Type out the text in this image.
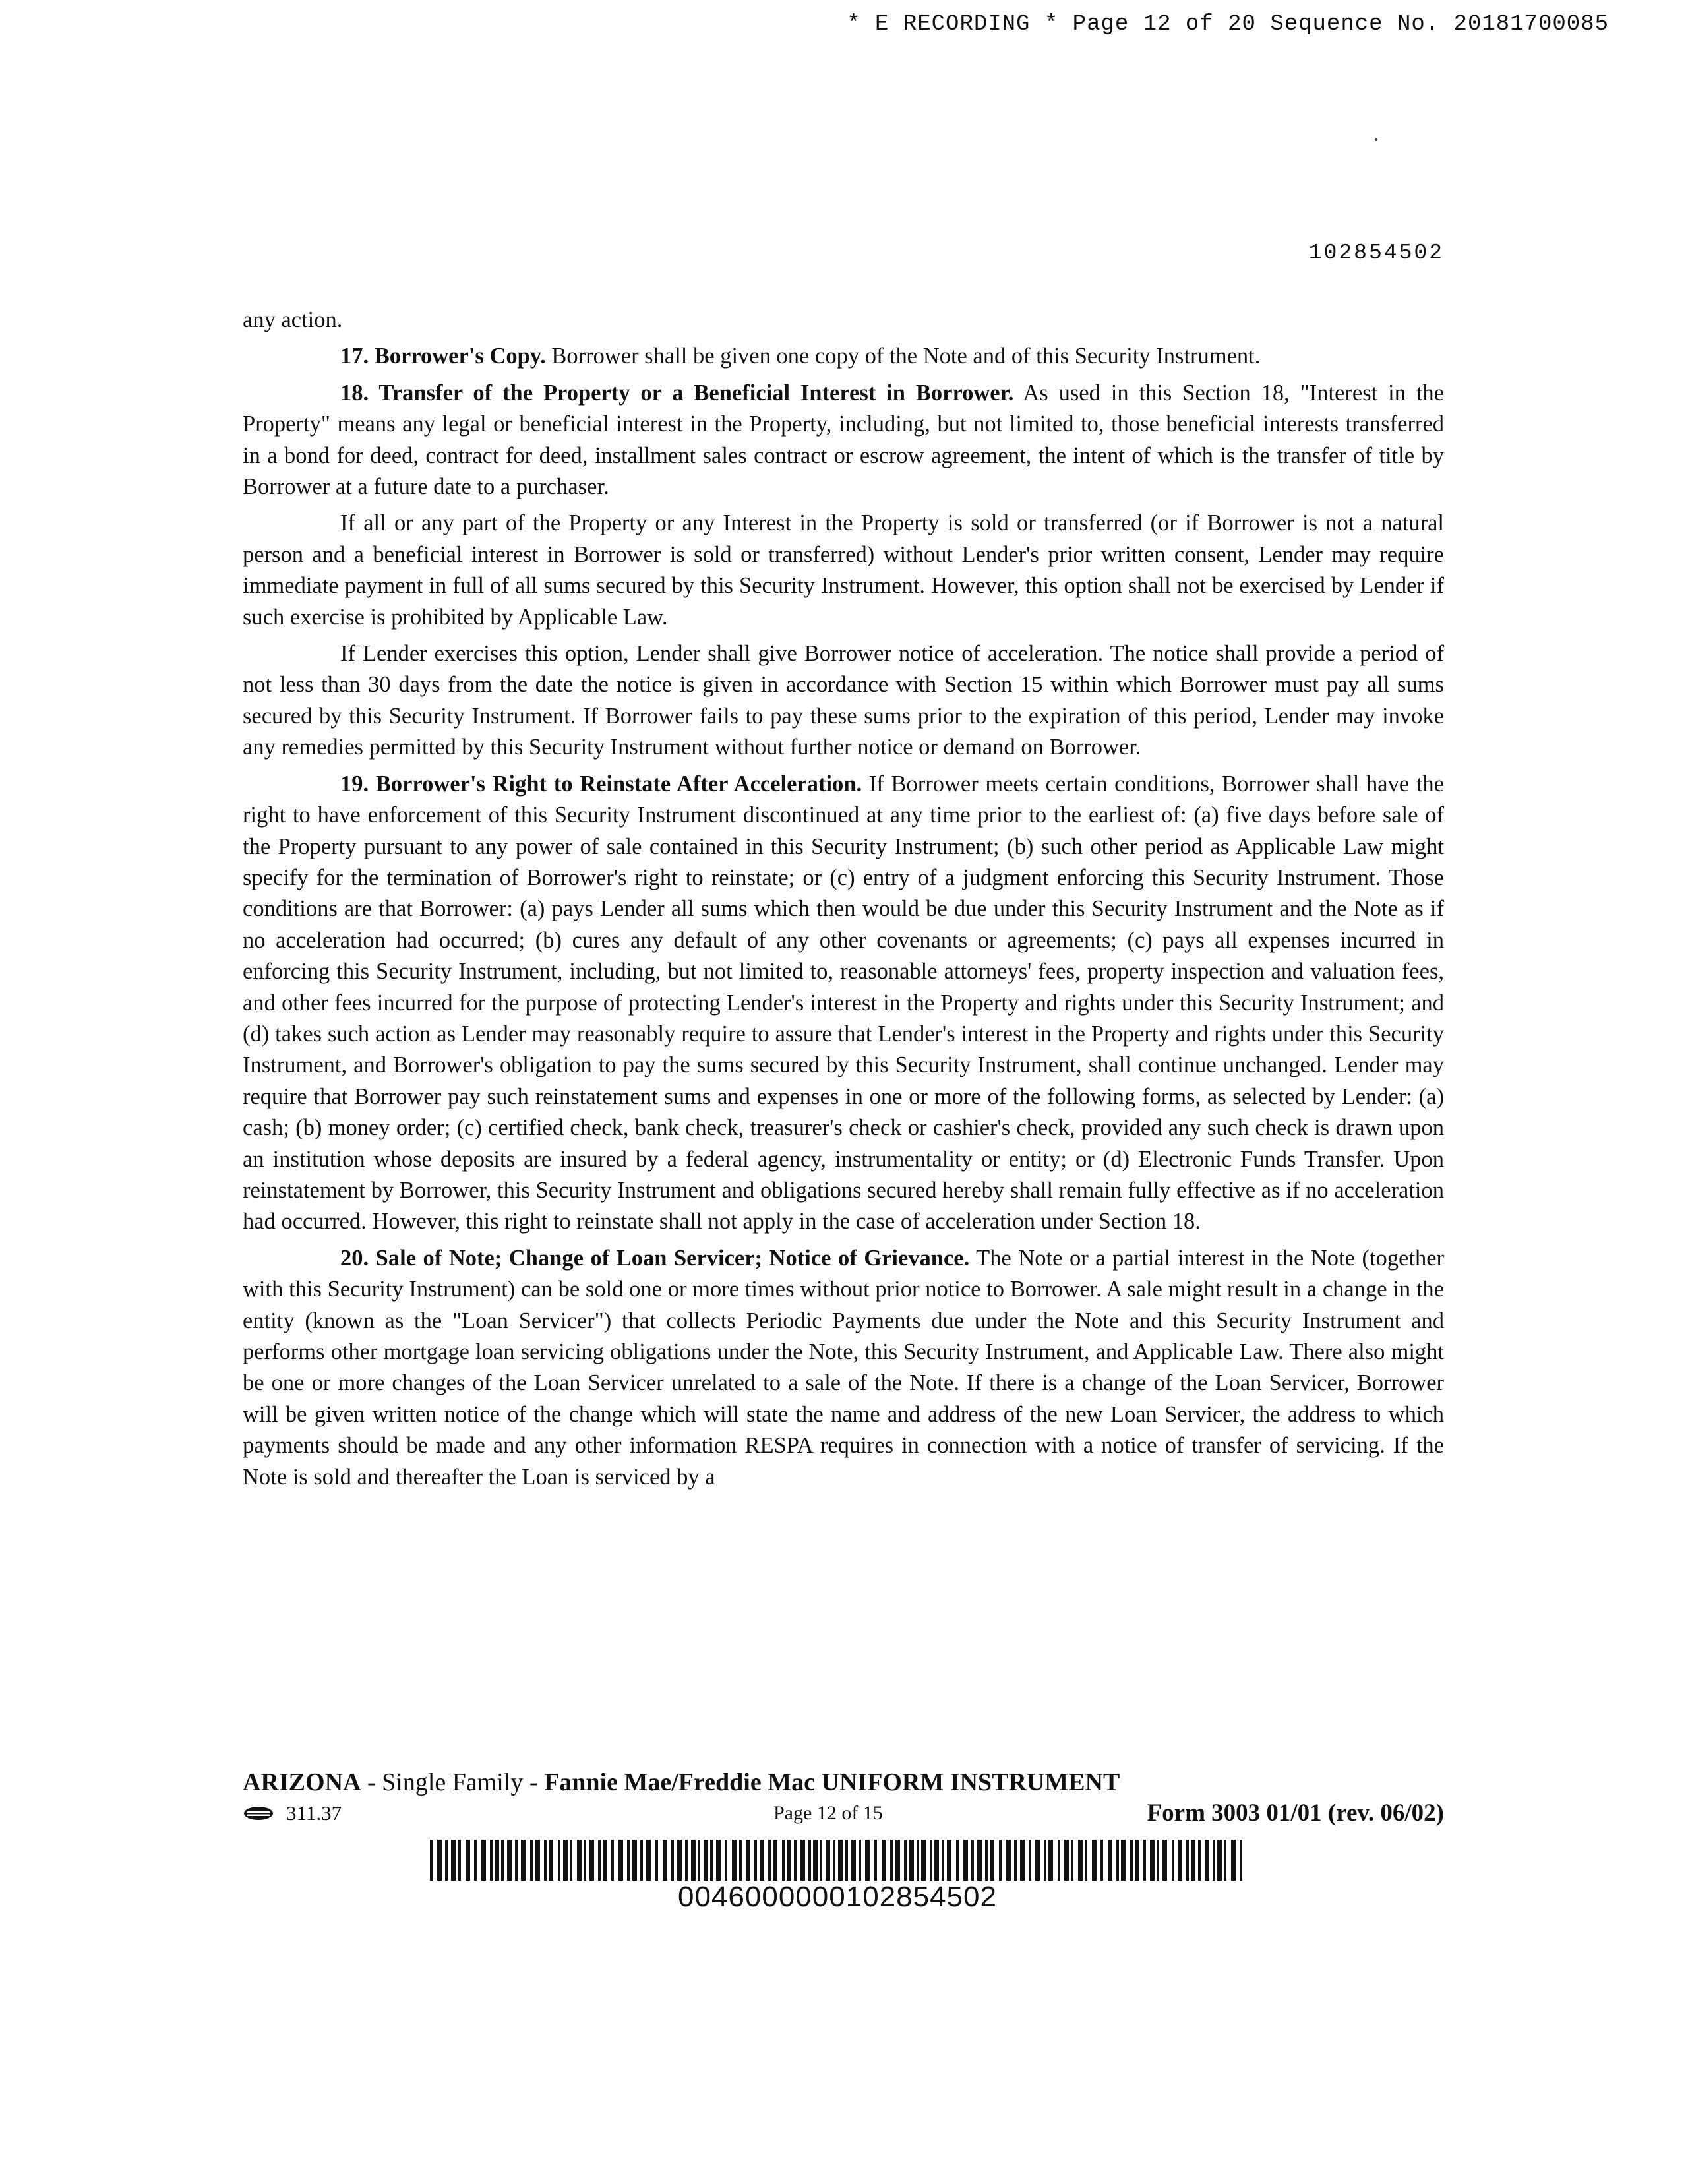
* E RECORDING * Page 12 of 20 Sequence No. 20181700085
102854502

any action.

17. Borrower's Copy. Borrower shall be given one copy of the Note and of this Security Instrument.

18. Transfer of the Property or a Beneficial Interest in Borrower. As used in this Section 18, "Interest in the Property" means any legal or beneficial interest in the Property, including, but not limited to, those beneficial interests transferred in a bond for deed, contract for deed, installment sales contract or escrow agreement, the intent of which is the transfer of title by Borrower at a future date to a purchaser.

If all or any part of the Property or any Interest in the Property is sold or transferred (or if Borrower is not a natural person and a beneficial interest in Borrower is sold or transferred) without Lender's prior written consent, Lender may require immediate payment in full of all sums secured by this Security Instrument. However, this option shall not be exercised by Lender if such exercise is prohibited by Applicable Law.

If Lender exercises this option, Lender shall give Borrower notice of acceleration. The notice shall provide a period of not less than 30 days from the date the notice is given in accordance with Section 15 within which Borrower must pay all sums secured by this Security Instrument. If Borrower fails to pay these sums prior to the expiration of this period, Lender may invoke any remedies permitted by this Security Instrument without further notice or demand on Borrower.

19. Borrower's Right to Reinstate After Acceleration. If Borrower meets certain conditions, Borrower shall have the right to have enforcement of this Security Instrument discontinued at any time prior to the earliest of: (a) five days before sale of the Property pursuant to any power of sale contained in this Security Instrument; (b) such other period as Applicable Law might specify for the termination of Borrower's right to reinstate; or (c) entry of a judgment enforcing this Security Instrument. Those conditions are that Borrower: (a) pays Lender all sums which then would be due under this Security Instrument and the Note as if no acceleration had occurred; (b) cures any default of any other covenants or agreements; (c) pays all expenses incurred in enforcing this Security Instrument, including, but not limited to, reasonable attorneys' fees, property inspection and valuation fees, and other fees incurred for the purpose of protecting Lender's interest in the Property and rights under this Security Instrument; and (d) takes such action as Lender may reasonably require to assure that Lender's interest in the Property and rights under this Security Instrument, and Borrower's obligation to pay the sums secured by this Security Instrument, shall continue unchanged. Lender may require that Borrower pay such reinstatement sums and expenses in one or more of the following forms, as selected by Lender: (a) cash; (b) money order; (c) certified check, bank check, treasurer's check or cashier's check, provided any such check is drawn upon an institution whose deposits are insured by a federal agency, instrumentality or entity; or (d) Electronic Funds Transfer. Upon reinstatement by Borrower, this Security Instrument and obligations secured hereby shall remain fully effective as if no acceleration had occurred. However, this right to reinstate shall not apply in the case of acceleration under Section 18.

20. Sale of Note; Change of Loan Servicer; Notice of Grievance. The Note or a partial interest in the Note (together with this Security Instrument) can be sold one or more times without prior notice to Borrower. A sale might result in a change in the entity (known as the "Loan Servicer") that collects Periodic Payments due under the Note and this Security Instrument and performs other mortgage loan servicing obligations under the Note, this Security Instrument, and Applicable Law. There also might be one or more changes of the Loan Servicer unrelated to a sale of the Note. If there is a change of the Loan Servicer, Borrower will be given written notice of the change which will state the name and address of the new Loan Servicer, the address to which payments should be made and any other information RESPA requires in connection with a notice of transfer of servicing. If the Note is sold and thereafter the Loan is serviced by a

ARIZONA - Single Family - Fannie Mae/Freddie Mac UNIFORM INSTRUMENT
311.37	Page 12 of 15	Form 3003 01/01 (rev. 06/02)
0046000000102854502
